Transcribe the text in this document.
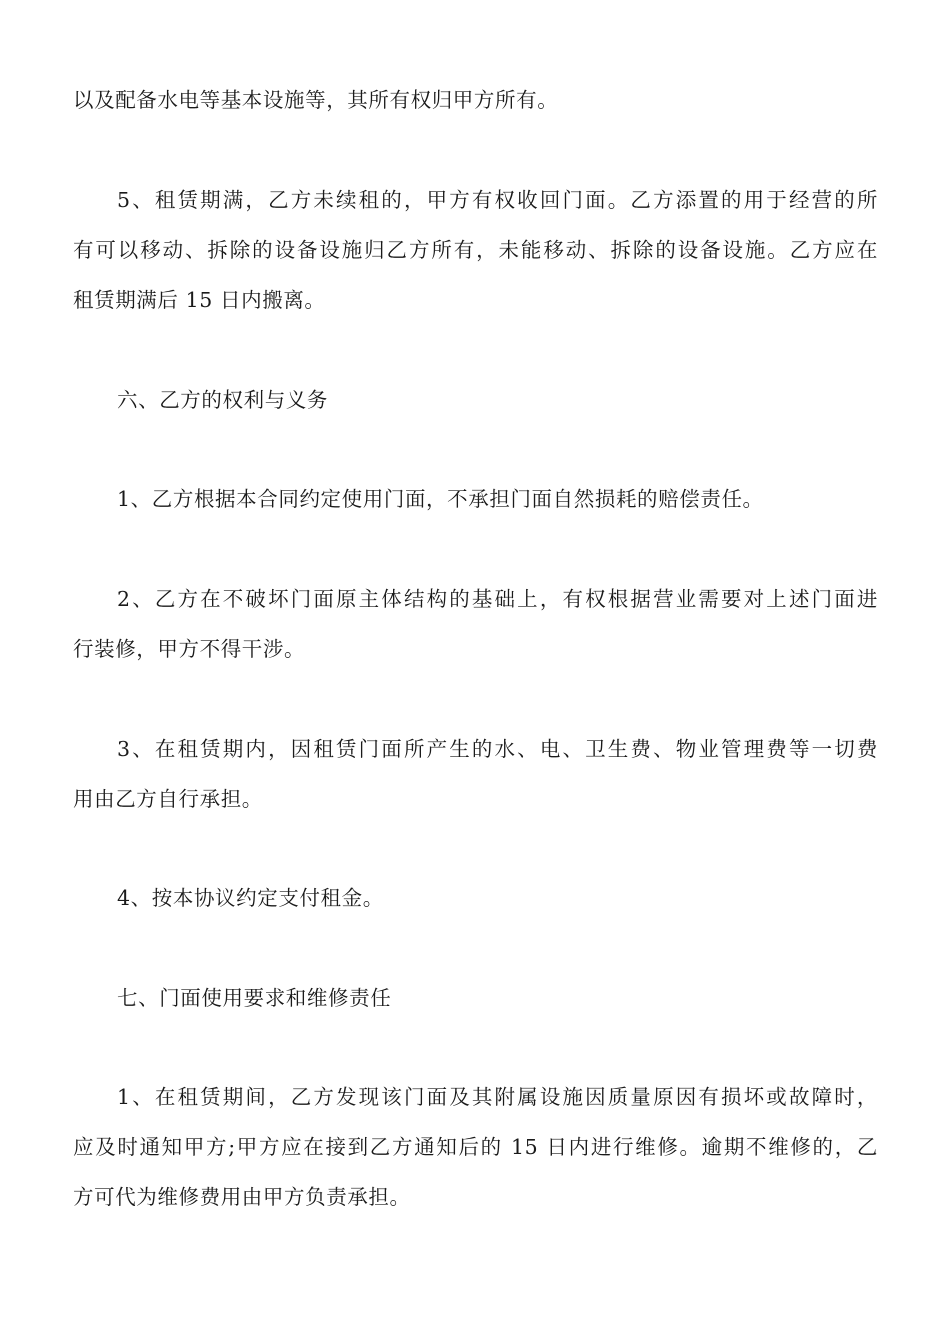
以及配备水电等基本设施等，其所有权归甲方所有。
5、租赁期满，乙方未续租的，甲方有权收回门面。乙方添置的用于经营的所
有可以移动、拆除的设备设施归乙方所有，未能移动、拆除的设备设施。乙方应在
租赁期满后 15 日内搬离。
六、乙方的权利与义务
1、乙方根据本合同约定使用门面，不承担门面自然损耗的赔偿责任。
2、乙方在不破坏门面原主体结构的基础上，有权根据营业需要对上述门面进
行装修，甲方不得干涉。
3、在租赁期内，因租赁门面所产生的水、电、卫生费、物业管理费等一切费
用由乙方自行承担。
4、按本协议约定支付租金。
七、门面使用要求和维修责任
1、在租赁期间，乙方发现该门面及其附属设施因质量原因有损坏或故障时，
应及时通知甲方;甲方应在接到乙方通知后的 15 日内进行维修。逾期不维修的，乙
方可代为维修费用由甲方负责承担。
